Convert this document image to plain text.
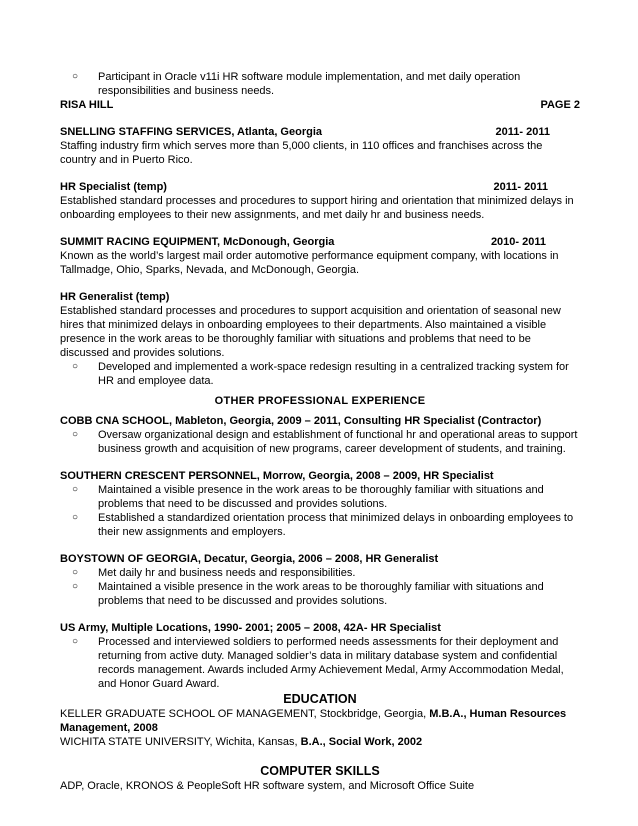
○	Participant in Oracle v11i HR software module implementation, and met daily operation responsibilities and business needs.
RISA HILL	PAGE 2
SNELLING STAFFING SERVICES, Atlanta, Georgia	2011- 2011
Staffing industry firm which serves more than 5,000 clients, in 110 offices and franchises across the country and in Puerto Rico.
HR Specialist (temp)	2011- 2011
Established standard processes and procedures to support hiring and orientation that minimized delays in onboarding employees to their new assignments, and met daily hr and business needs.
SUMMIT RACING EQUIPMENT, McDonough, Georgia	2010- 2011
Known as the world’s largest mail order automotive performance equipment company, with locations in Tallmadge, Ohio, Sparks, Nevada, and McDonough, Georgia.
HR Generalist (temp)
Established standard processes and procedures to support acquisition and orientation of seasonal new hires that minimized delays in onboarding employees to their departments. Also maintained a visible presence in the work areas to be thoroughly familiar with situations and problems that need to be discussed and provides solutions.
○	Developed and implemented a work-space redesign resulting in a centralized tracking system for HR and employee data.
OTHER PROFESSIONAL EXPERIENCE
COBB CNA SCHOOL, Mableton, Georgia, 2009 – 2011, Consulting HR Specialist (Contractor)
○	Oversaw organizational design and establishment of functional hr and operational areas to support business growth and acquisition of new programs, career development of students, and training.
SOUTHERN CRESCENT PERSONNEL, Morrow, Georgia, 2008 – 2009, HR Specialist
○	Maintained a visible presence in the work areas to be thoroughly familiar with situations and problems that need to be discussed and provides solutions.
○	Established a standardized orientation process that minimized delays in onboarding employees to their new assignments and employers.
BOYSTOWN OF GEORGIA, Decatur, Georgia, 2006 – 2008, HR Generalist
○	Met daily hr and business needs and responsibilities.
○	Maintained a visible presence in the work areas to be thoroughly familiar with situations and problems that need to be discussed and provides solutions.
US Army, Multiple Locations, 1990- 2001; 2005 – 2008, 42A- HR Specialist
○	Processed and interviewed soldiers to performed needs assessments for their deployment and returning from active duty. Managed soldier’s data in military database system and confidential records management. Awards included Army Achievement Medal, Army Accommodation Medal, and Honor Guard Award.
EDUCATION
KELLER GRADUATE SCHOOL OF MANAGEMENT, Stockbridge, Georgia, M.B.A., Human Resources Management, 2008
WICHITA STATE UNIVERSITY, Wichita, Kansas, B.A., Social Work, 2002
COMPUTER SKILLS
ADP, Oracle, KRONOS & PeopleSoft HR software system, and Microsoft Office Suite
